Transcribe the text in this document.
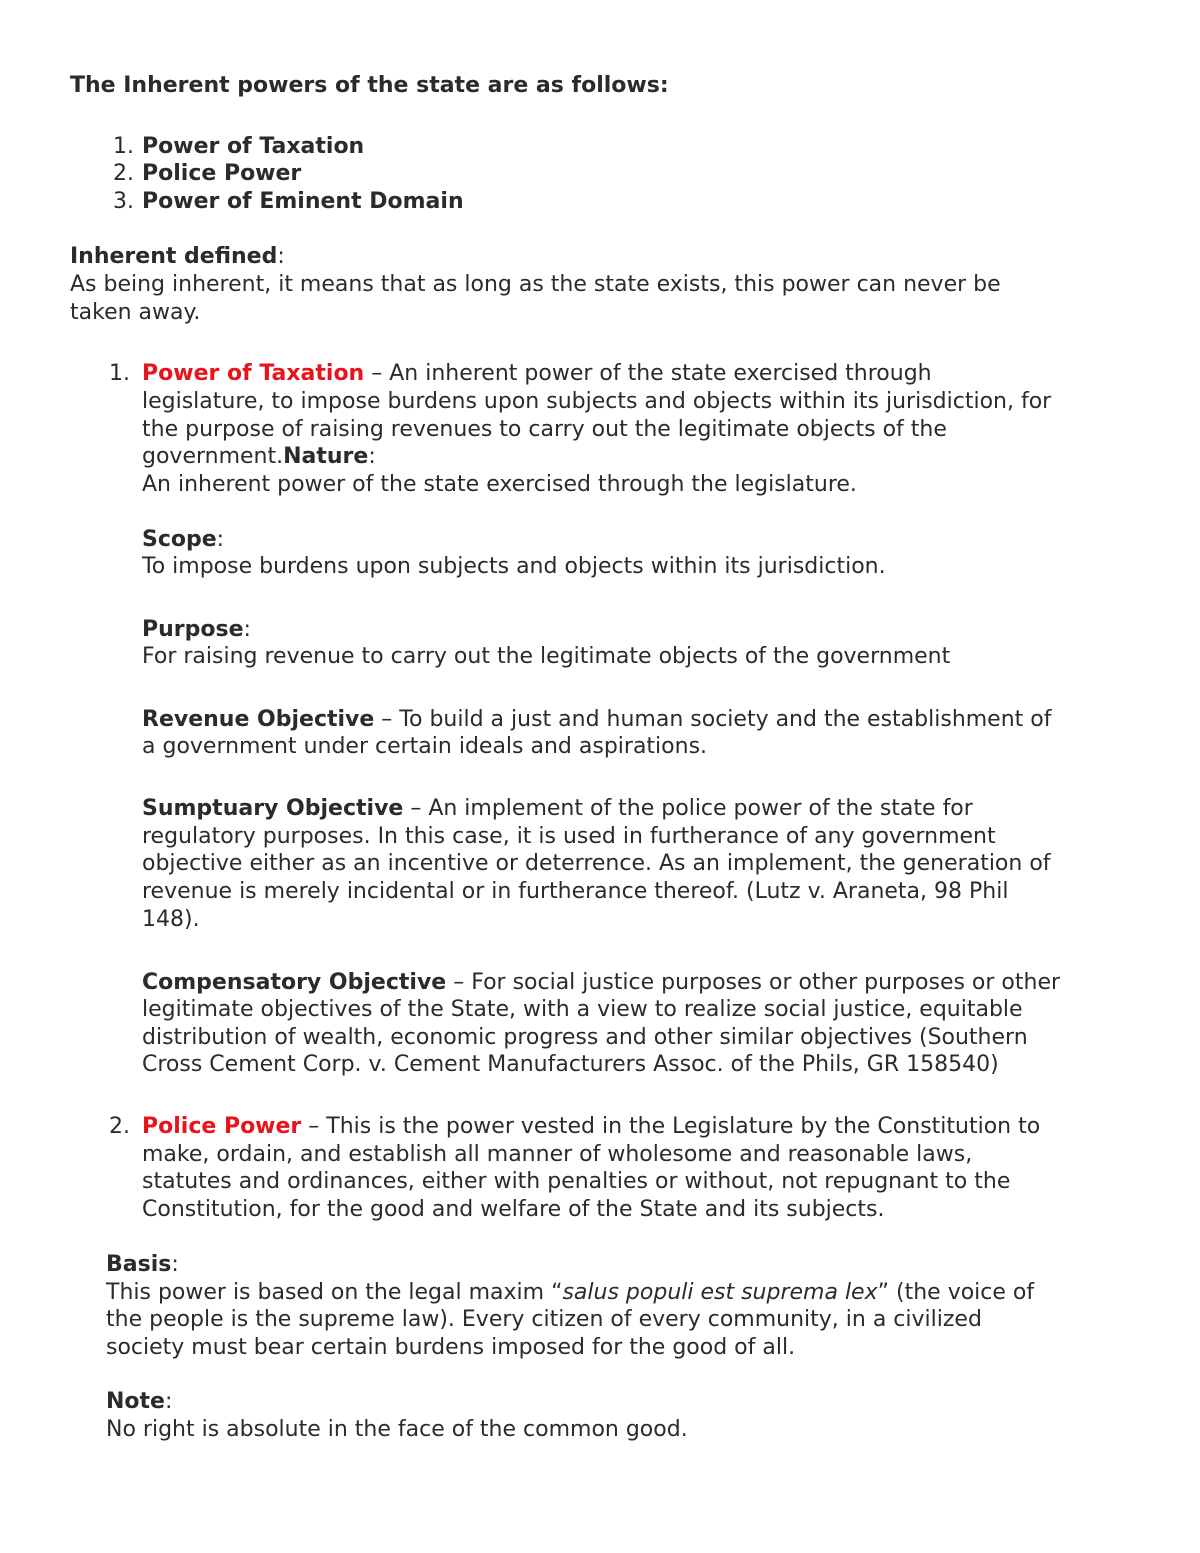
The Inherent powers of the state are as follows:
1. Power of Taxation
2. Police Power
3. Power of Eminent Domain
Inherent defined:
As being inherent, it means that as long as the state exists, this power can never be
taken away.
1. Power of Taxation – An inherent power of the state exercised through
legislature, to impose burdens upon subjects and objects within its jurisdiction, for
the purpose of raising revenues to carry out the legitimate objects of the
government.Nature:
An inherent power of the state exercised through the legislature.
Scope:
To impose burdens upon subjects and objects within its jurisdiction.
Purpose:
For raising revenue to carry out the legitimate objects of the government
Revenue Objective – To build a just and human society and the establishment of
a government under certain ideals and aspirations.
Sumptuary Objective – An implement of the police power of the state for
regulatory purposes. In this case, it is used in furtherance of any government
objective either as an incentive or deterrence. As an implement, the generation of
revenue is merely incidental or in furtherance thereof. (Lutz v. Araneta, 98 Phil
148).
Compensatory Objective – For social justice purposes or other purposes or other
legitimate objectives of the State, with a view to realize social justice, equitable
distribution of wealth, economic progress and other similar objectives (Southern
Cross Cement Corp. v. Cement Manufacturers Assoc. of the Phils, GR 158540)
2. Police Power – This is the power vested in the Legislature by the Constitution to
make, ordain, and establish all manner of wholesome and reasonable laws,
statutes and ordinances, either with penalties or without, not repugnant to the
Constitution, for the good and welfare of the State and its subjects.
Basis:
This power is based on the legal maxim “salus populi est suprema lex” (the voice of
the people is the supreme law). Every citizen of every community, in a civilized
society must bear certain burdens imposed for the good of all.
Note:
No right is absolute in the face of the common good.
